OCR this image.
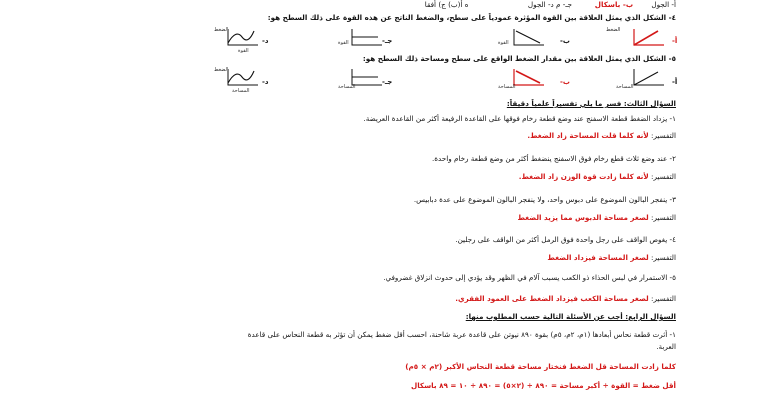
أ- الجول        ب- باسكال          جـ- م د- الجول                          ه أ(ب) ج) أفقا
٤- الشكل الذي يمثل العلاقة بين القوة المؤثرة عمودياً على سطح، والضغط الناتج عن هذه القوة على ذلك السطح هو:
أ-
الضغط
ب-
القوة
جـ-
القوة
د-
الضغط
القوة
٥- الشكل الذي يمثل العلاقة بين مقدار الضغط الواقع على سطح ومساحة ذلك السطح هو:
أ-
المساحة
ب-
المساحة
جـ-
المساحة
د-
الضغط
المساحة
السؤال الثالث: فسر ما يلي تفسيراً علمياً دقيقاً:
١- يزداد الضغط قطعة الاسفنج عند وضع قطعة رخام فوقها على القاعدة الرفيعة أكثر من القاعدة العريضة.
التفسير: لأنه كلما قلت المساحة زاد الضغط.
٢- عند وضع ثلاث قطع رخام فوق الاسفنج ينضغط أكثر من وضع قطعة رخام واحدة.
التفسير: لأنه كلما زادت قوة الوزن زاد الضغط.
٣- ينفجر البالون الموضوع على دبوس واحد، ولا ينفجر البالون الموضوع على عدة دبابيس.
التفسير: لصغر مساحة الدبوس مما يزيد الضغط
٤- يغوص الواقف على رجل واحدة فوق الرمل أكثر من الواقف على رجلين.
التفسير: لصغر المساحة فيزداد الضغط
٥- الاستمرار في لبس الحذاء ذو الكعب يسبب آلام في الظهر وقد يؤدي إلى حدوث انزلاق غضروفي.
التفسير: لصغر مساحة الكعب فيزداد الضغط على العمود الفقري.
السؤال الرابع: أجب عن الأسئلة التالية حسب المطلوب منها:
١- أثرت قطعة نحاس أبعادها (١م، ٢م، ٥م) بقوة ٨٩٠ نيوتن على قاعدة عربة شاحنة، احسب أقل ضغط يمكن أن تؤثر به قطعة النحاس على قاعدة
العربة.
كلما زادت المساحة قل الضغط فنختار مساحة قطعة النحاس الأكبر (٢م × ٥م)
أقل ضغط = القوة ÷ أكبر مساحة = ٨٩٠ ÷ (٢×٥) = ٨٩٠ ÷ ١٠ = ٨٩ باسكال
